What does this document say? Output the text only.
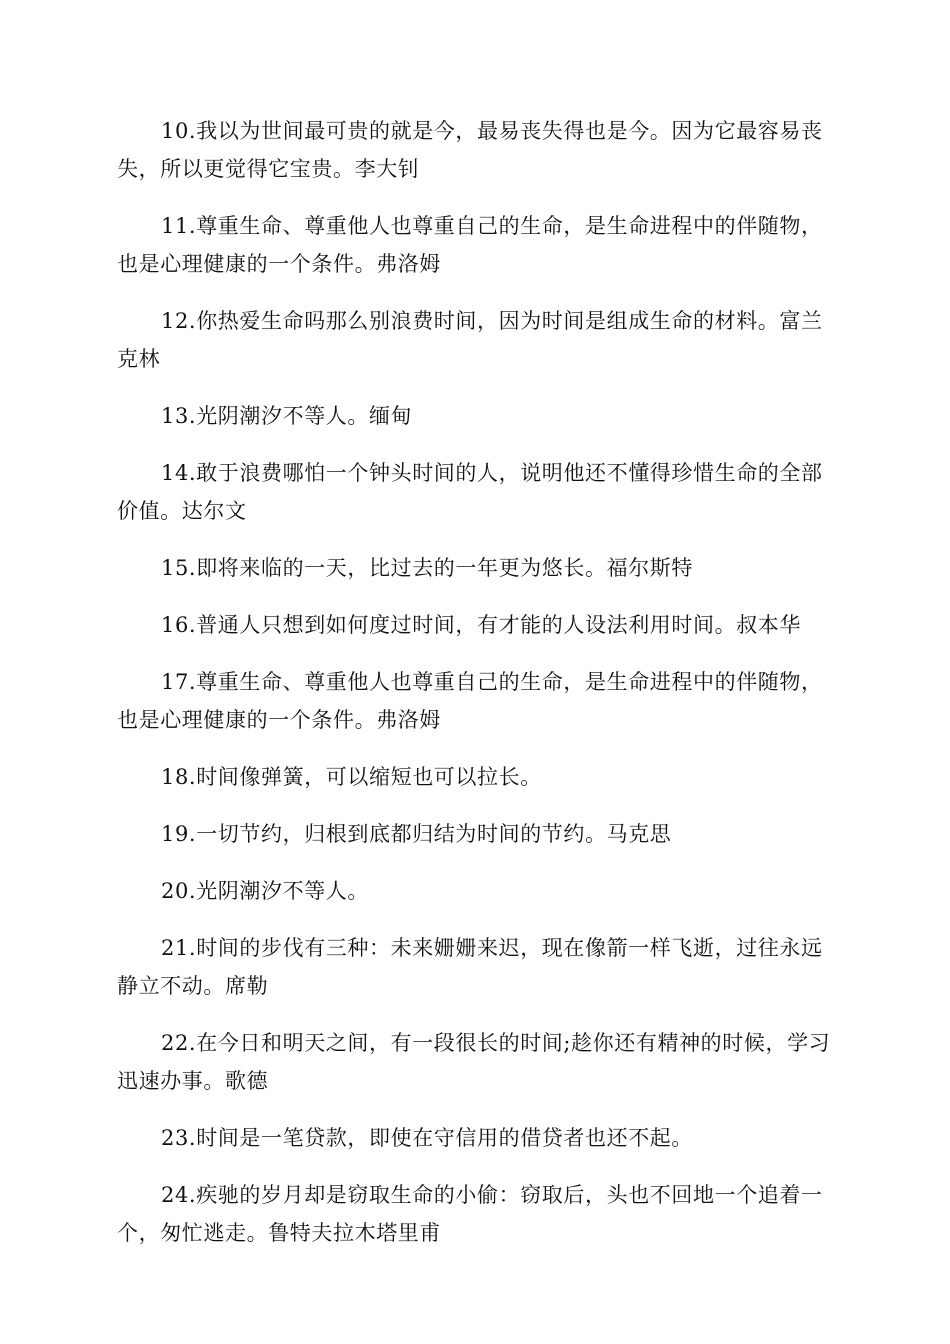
10.我以为世间最可贵的就是今，最易丧失得也是今。因为它最容易丧失，所以更觉得它宝贵。李大钊

11.尊重生命、尊重他人也尊重自己的生命，是生命进程中的伴随物，也是心理健康的一个条件。弗洛姆

12.你热爱生命吗那么别浪费时间，因为时间是组成生命的材料。富兰克林

13.光阴潮汐不等人。缅甸

14.敢于浪费哪怕一个钟头时间的人，说明他还不懂得珍惜生命的全部价值。达尔文

15.即将来临的一天，比过去的一年更为悠长。福尔斯特

16.普通人只想到如何度过时间，有才能的人设法利用时间。叔本华

17.尊重生命、尊重他人也尊重自己的生命，是生命进程中的伴随物，也是心理健康的一个条件。弗洛姆

18.时间像弹簧，可以缩短也可以拉长。

19.一切节约，归根到底都归结为时间的节约。马克思

20.光阴潮汐不等人。

21.时间的步伐有三种：未来姗姗来迟，现在像箭一样飞逝，过往永远静立不动。席勒

22.在今日和明天之间，有一段很长的时间;趁你还有精神的时候，学习迅速办事。歌德

23.时间是一笔贷款，即使在守信用的借贷者也还不起。

24.疾驰的岁月却是窃取生命的小偷：窃取后，头也不回地一个追着一个，匆忙逃走。鲁特夫拉木塔里甫
